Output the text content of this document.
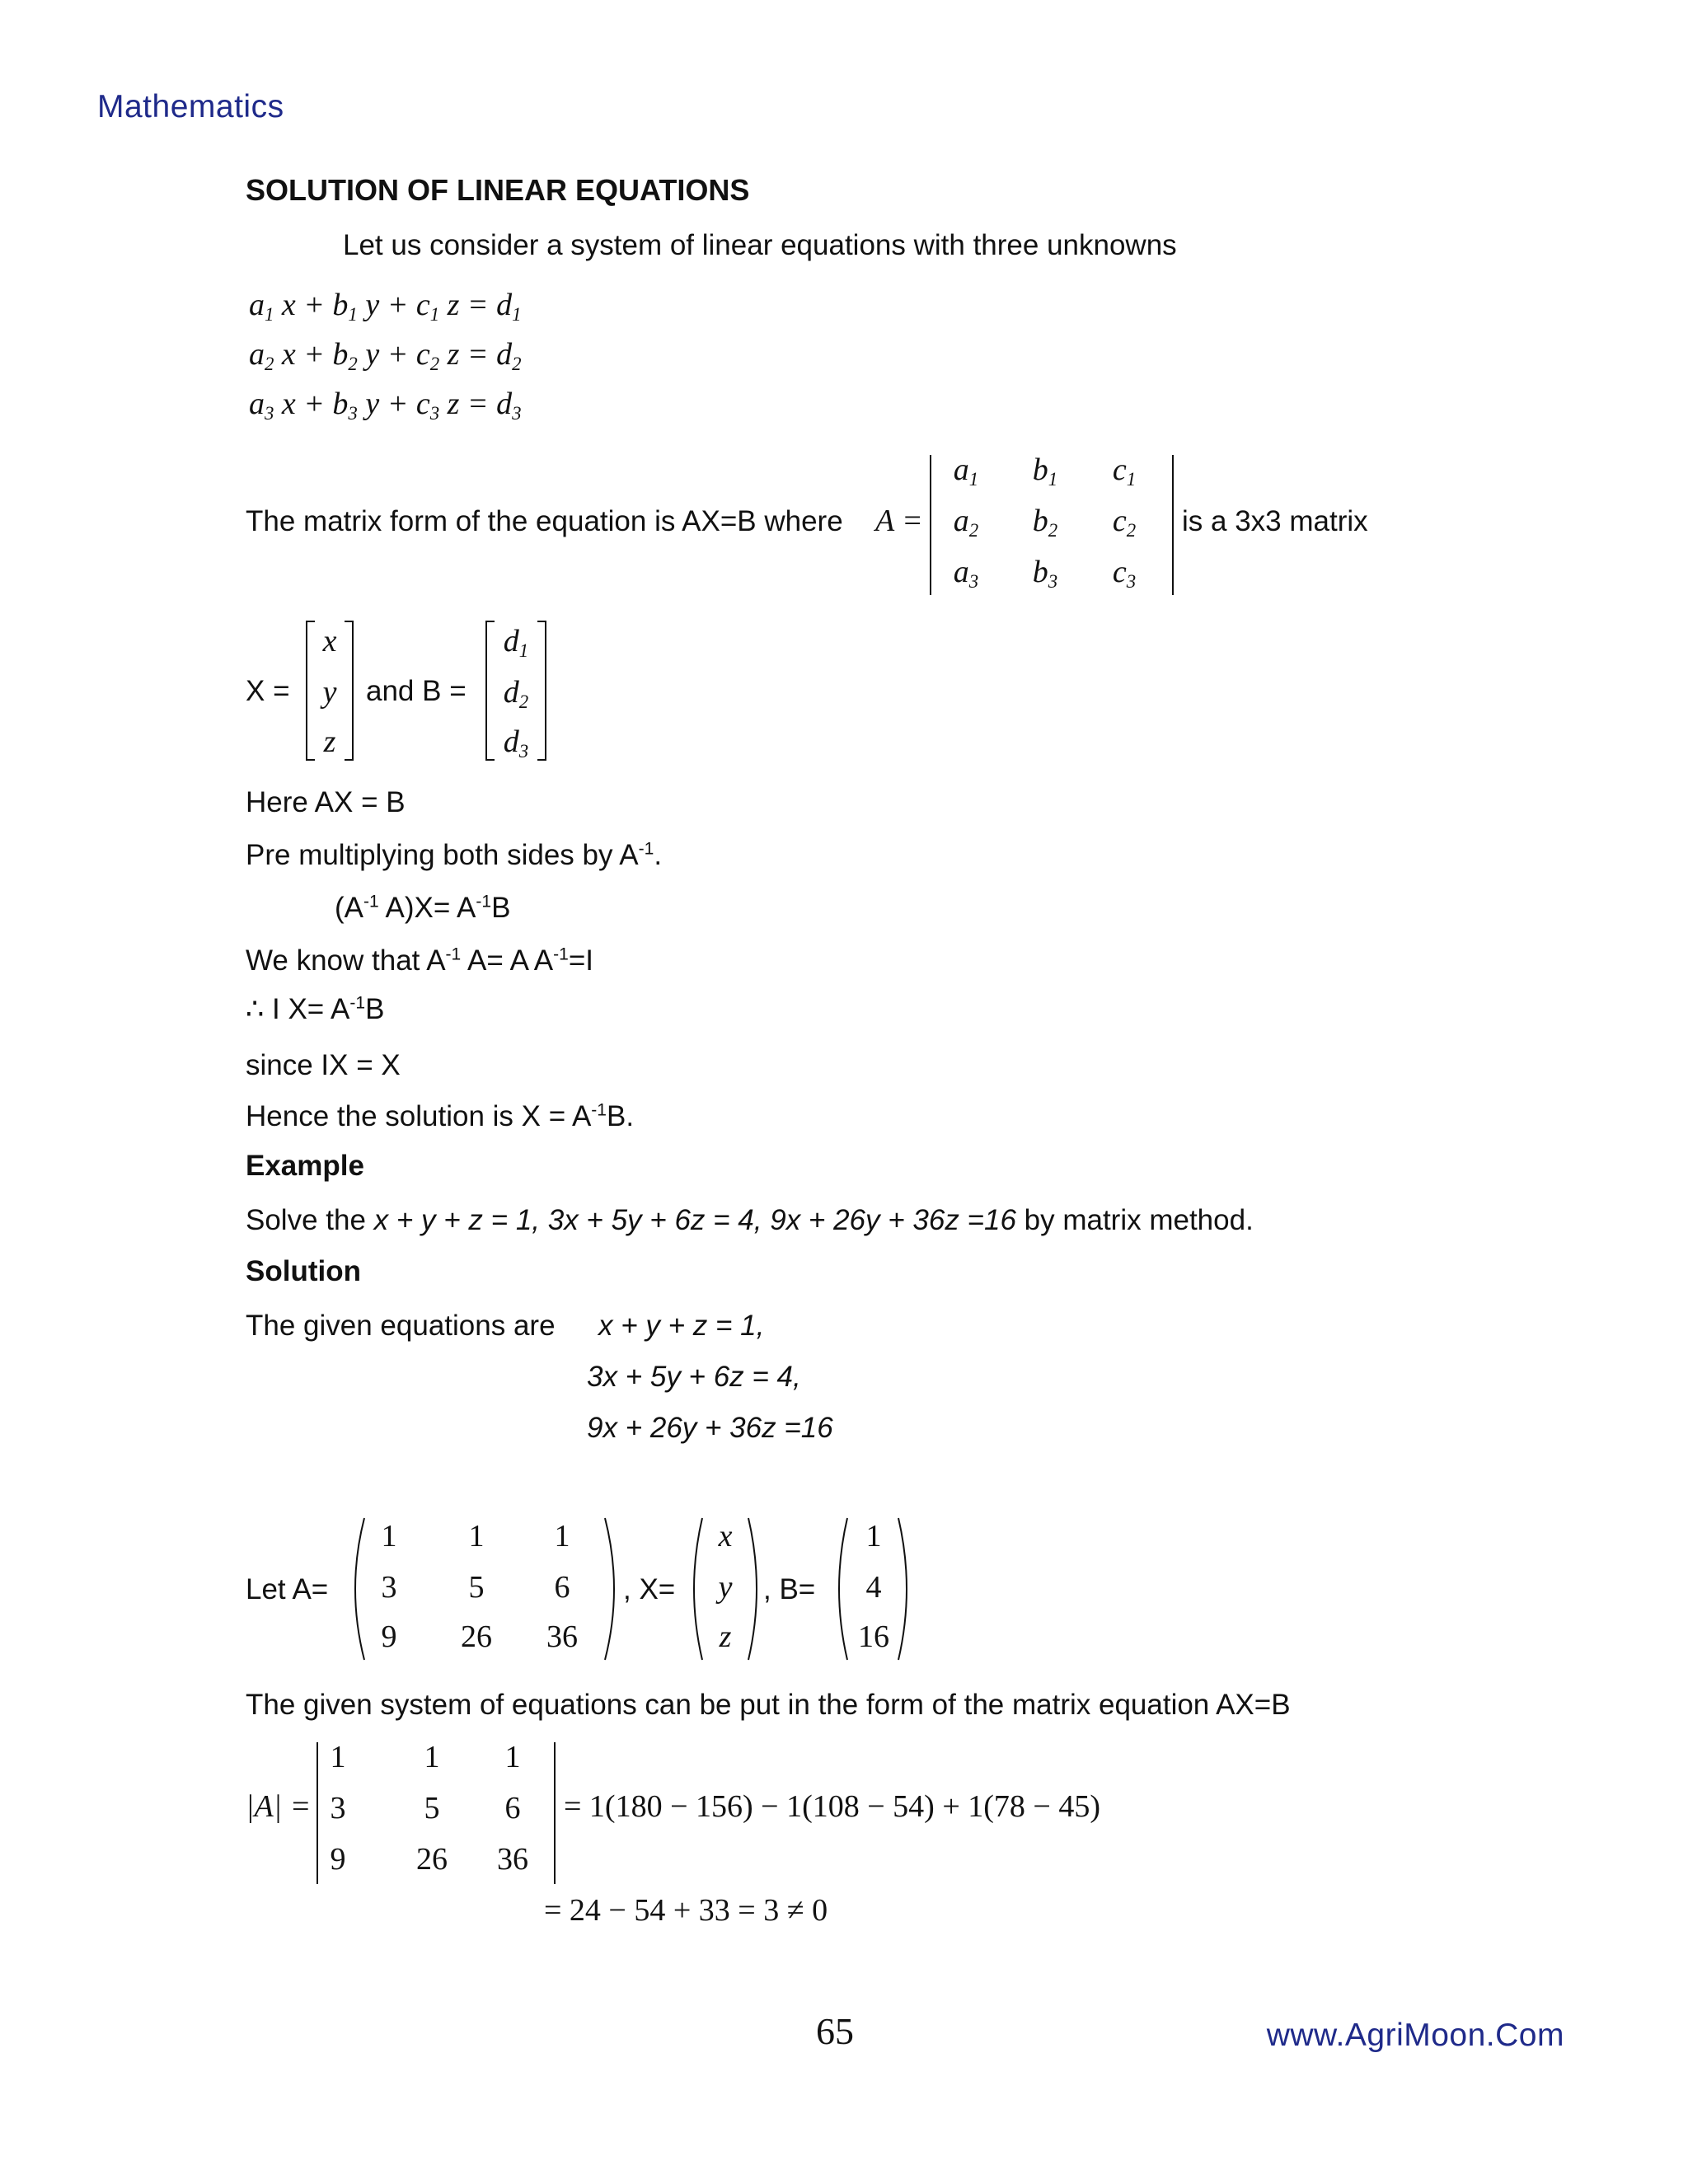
Mathematics
65	www.AgriMoon.Com
SOLUTION OF LINEAR EQUATIONS
Let us consider a system of linear equations with three unknowns
$a_1$ $x + b_1$ $y + c_1$ $z = d_1$
$a_2$ $x + b_2$ $y + c_2$ $z = d_2$
$a_3$ $x + b_3$ $y + c_3$ $z = d_3$
The matrix form of the equation is AX=B where A =
$a_1$	$b_1$	$c_1$
$a_2$	$b_2$	$c_2$
$a_3$	$b_3$	$c_3$
is a 3x3 matrix
X =
x
y
z
and B =
$d_1$
$d_2$
$d_3$
Here AX = B
Pre multiplying both sides by $A^{-1}$.
($A^{-1}$ $A)X= A^{-1}B$
We know that $A^{-1}$ A= A $A^{-1}=I$
∴ I $X= A^{-1}B$
since IX = X
Hence the solution is $X = A^{-1}B$.
Example
Solve the x + y + z = 1, 3x + 5y + 6z = 4, 9x + 26y + 36z =16 by matrix method.
Solution
The given equations are x + y + z = 1,
3x + 5y + 6z = 4,
9x + 26y + 36z =16
Let A=
1	1	1
3	5	6
9	26	36
, X=
x
y
z
, B=
1
4
16
The given system of equations can be put in the form of the matrix equation AX=B
|A| =
1	1	1
3	5	6
9	26	36
= 1(180 − 156) − 1(108 − 54) + 1(78 − 45)
= 24 − 54 + 33 = 3 ≠ 0
